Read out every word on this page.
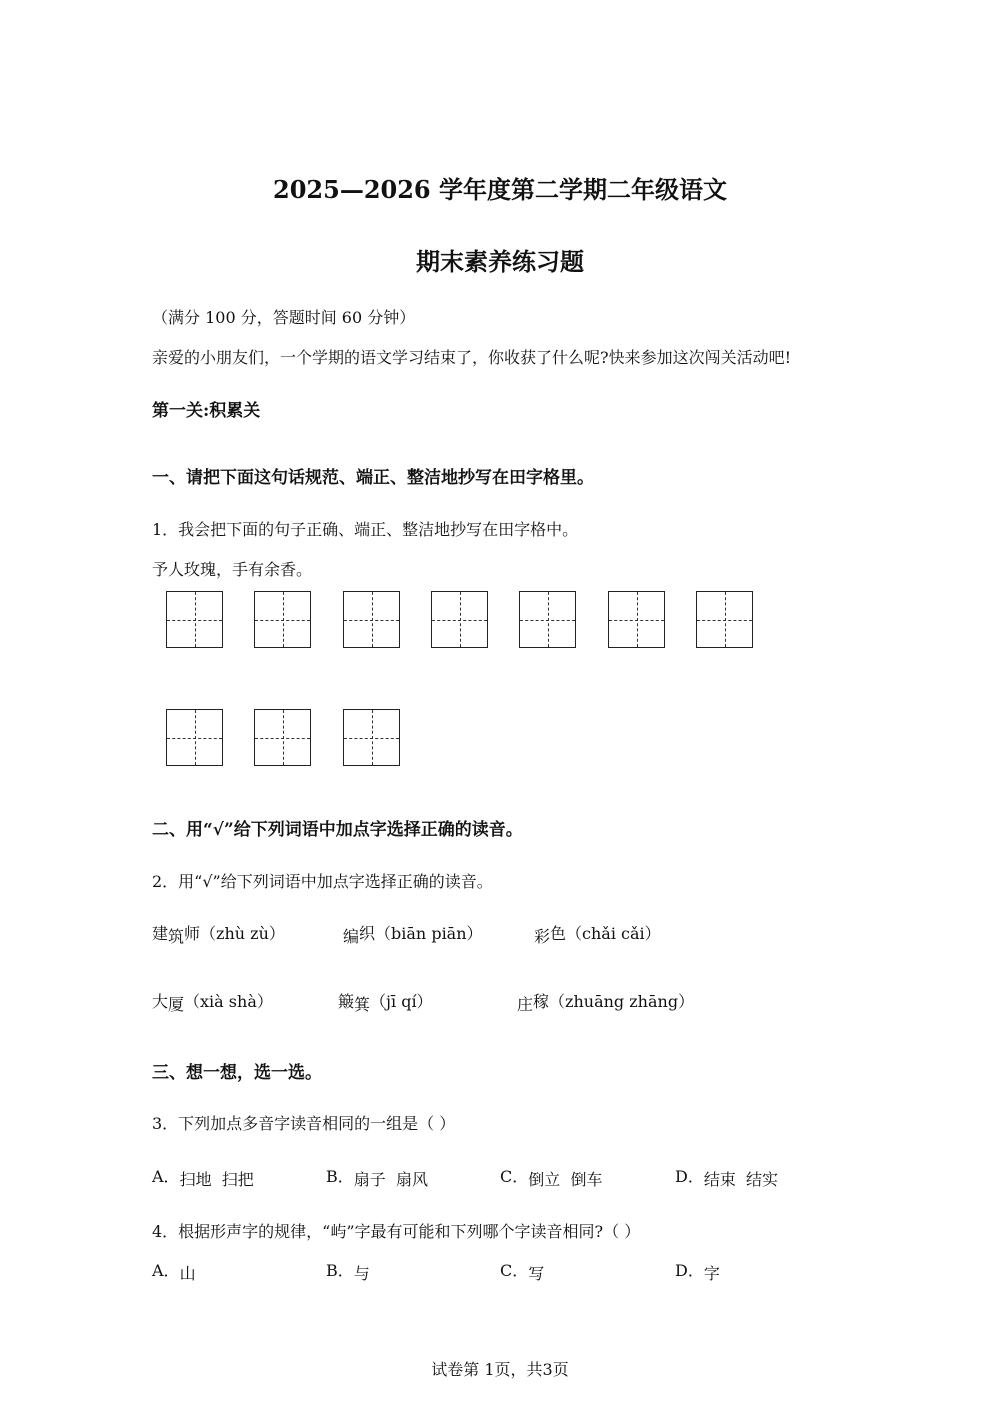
2025—2026 学年度第二学期二年级语文
期末素养练习题
（满分 100 分，答题时间 60 分钟）
亲爱的小朋友们，一个学期的语文学习结束了，你收获了什么呢?快来参加这次闯关活动吧!
第一关:积累关
一、请把下面这句话规范、端正、整洁地抄写在田字格里。
1．我会把下面的句子正确、端正、整洁地抄写在田字格中。
予人玫瑰，手有余香。
二、用“√”给下列词语中加点字选择正确的读音。
2．用“√”给下列词语中加点字选择正确的读音。
建筑师（zhù zù）	编织（biān piān）	彩色（chǎi cǎi）
大厦（xià shà）	簸箕（jī qí）	庄稼（zhuāng zhāng）
三、想一想，选一选。
3．下列加点多音字读音相同的一组是（ ）
A．扫地 扫把	B．扇子 扇风	C．倒立 倒车	D．结束 结实
4．根据形声字的规律，“屿”字最有可能和下列哪个字读音相同?（ ）
A．山	B．与	C．写	D．字
试卷第 1页，共3页
